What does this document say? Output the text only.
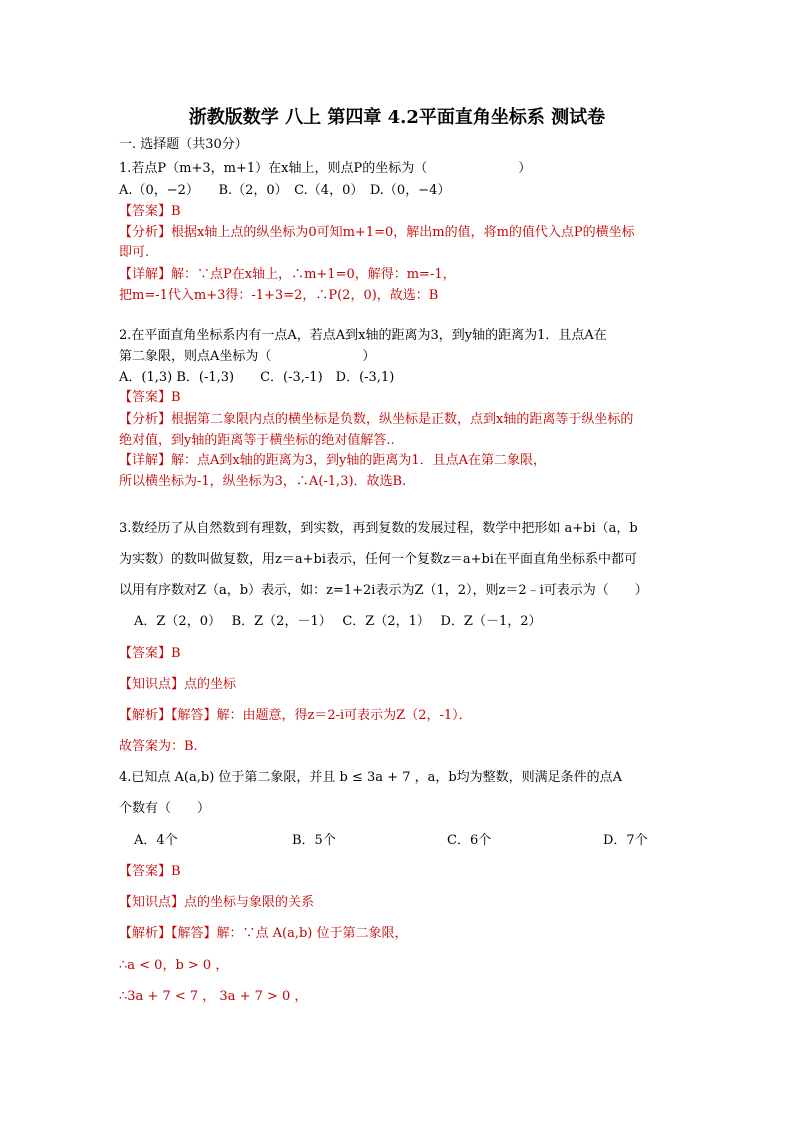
浙教版数学 八上 第四章 4.2平面直角坐标系 测试卷
一. 选择题（共30分）
1.若点P（m+3，m+1）在x轴上，则点P的坐标为（　　　　　　　）
A.（0，−2）　　B.（2，0）　C.（4，0）　D.（0，−4）
【答案】B
【分析】根据x轴上点的纵坐标为0可知m+1=0，解出m的值，将m的值代入点P的横坐标
即可.
【详解】解：∵点P在x轴上，∴m+1=0，解得：m=-1，
把m=-1代入m+3得：-1+3=2，∴P(2，0)，故选：B
2.在平面直角坐标系内有一点A，若点A到x轴的距离为3，到y轴的距离为1．且点A在
第二象限，则点A坐标为（　　　　　　　）
A．(1,3) B．(-1,3)　　C．(-3,-1)　D．(-3,1)
【答案】B
【分析】根据第二象限内点的横坐标是负数，纵坐标是正数，点到x轴的距离等于纵坐标的
绝对值，到y轴的距离等于横坐标的绝对值解答..
【详解】解：点A到x轴的距离为3，到y轴的距离为1．且点A在第二象限，
所以横坐标为-1，纵坐标为3，∴A(-1,3)．故选B.
3.数经历了从自然数到有理数，到实数，再到复数的发展过程，数学中把形如 a+bi（a，b
为实数）的数叫做复数，用z＝a+bi表示，任何一个复数z＝a+bi在平面直角坐标系中都可
以用有序数对Z（a，b）表示，如：z=1+2i表示为Z（1，2），则z＝2﹣i可表示为（　　）
A．Z（2，0）　 B．Z（2，－1）　 C．Z（2，1）　 D．Z（－1，2）
【答案】B
【知识点】点的坐标
【解析】【解答】解：由题意，得z＝2-i可表示为Z（2，-1）．
故答案为：B.
4.已知点 A(a,b) 位于第二象限，并且 b ≤ 3a + 7 ，a，b均为整数，则满足条件的点A
个数有（　　）
A．4个	B．5个	C．6个	D．7个
【答案】B
【知识点】点的坐标与象限的关系
【解析】【解答】解：∵点 A(a,b) 位于第二象限，
∴a < 0，b > 0 ，
∴3a + 7 < 7 ， 3a + 7 > 0 ，
